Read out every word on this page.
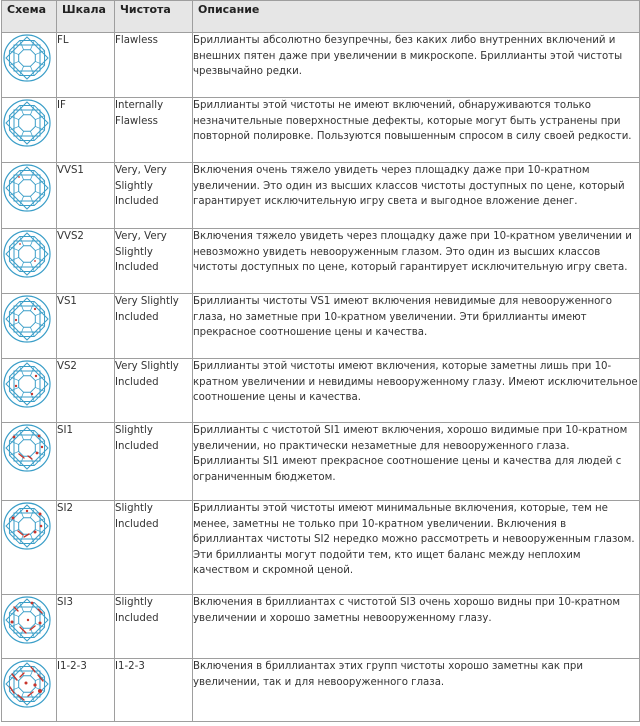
Схема	Шкала	Чистота	Описание

	FL	Flawless	Бриллианты абсолютно безупречны, без каких либо внутренних включений и внешних пятен даже при увеличении в микроскопе. Бриллианты этой чистоты чрезвычайно редки.

	IF	Internally Flawless	Бриллианты этой чистоты не имеют включений, обнаруживаются только незначительные поверхностные дефекты, которые могут быть устранены при повторной полировке. Пользуются повышенным спросом в силу своей редкости.

	VVS1	Very, Very Slightly Included	Включения очень тяжело увидеть через площадку даже при 10-кратном увеличении. Это один из высших классов чистоты доступных по цене, который гарантирует исключительную игру света и выгодное вложение денег.

	VVS2	Very, Very Slightly Included	Включения тяжело увидеть через площадку даже при 10-кратном увеличении и невозможно увидеть невооруженным глазом. Это один из высших классов чистоты доступных по цене, который гарантирует исключительную игру света.

	VS1	Very Slightly Included	Бриллианты чистоты VS1 имеют включения невидимые для невооруженного глаза, но заметные при 10-кратном увеличении. Эти бриллианты имеют прекрасное соотношение цены и качества.

	VS2	Very Slightly Included	Бриллианты этой чистоты имеют включения, которые заметны лишь при 10-кратном увеличении и невидимы невооруженному глазу. Имеют исключительное соотношение цены и качества.

	SI1	Slightly Included	Бриллианты с чистотой SI1 имеют включения, хорошо видимые при 10-кратном увеличении, но практически незаметные для невооруженного глаза. Бриллианты SI1 имеют прекрасное соотношение цены и качества для людей с ограниченным бюджетом.

	SI2	Slightly Included	Бриллианты этой чистоты имеют минимальные включения, которые, тем не менее, заметны не только при 10-кратном увеличении. Включения в бриллиантах чистоты SI2 нередко можно рассмотреть и невооруженным глазом. Эти бриллианты могут подойти тем, кто ищет баланс между неплохим качеством и скромной ценой.

	SI3	Slightly Included	Включения в бриллиантах с чистотой SI3 очень хорошо видны при 10-кратном увеличении и хорошо заметны невооруженному глазу.

	I1-2-3	I1-2-3	Включения в бриллиантах этих групп чистоты хорошо заметны как при увеличении, так и для невооруженного глаза.
